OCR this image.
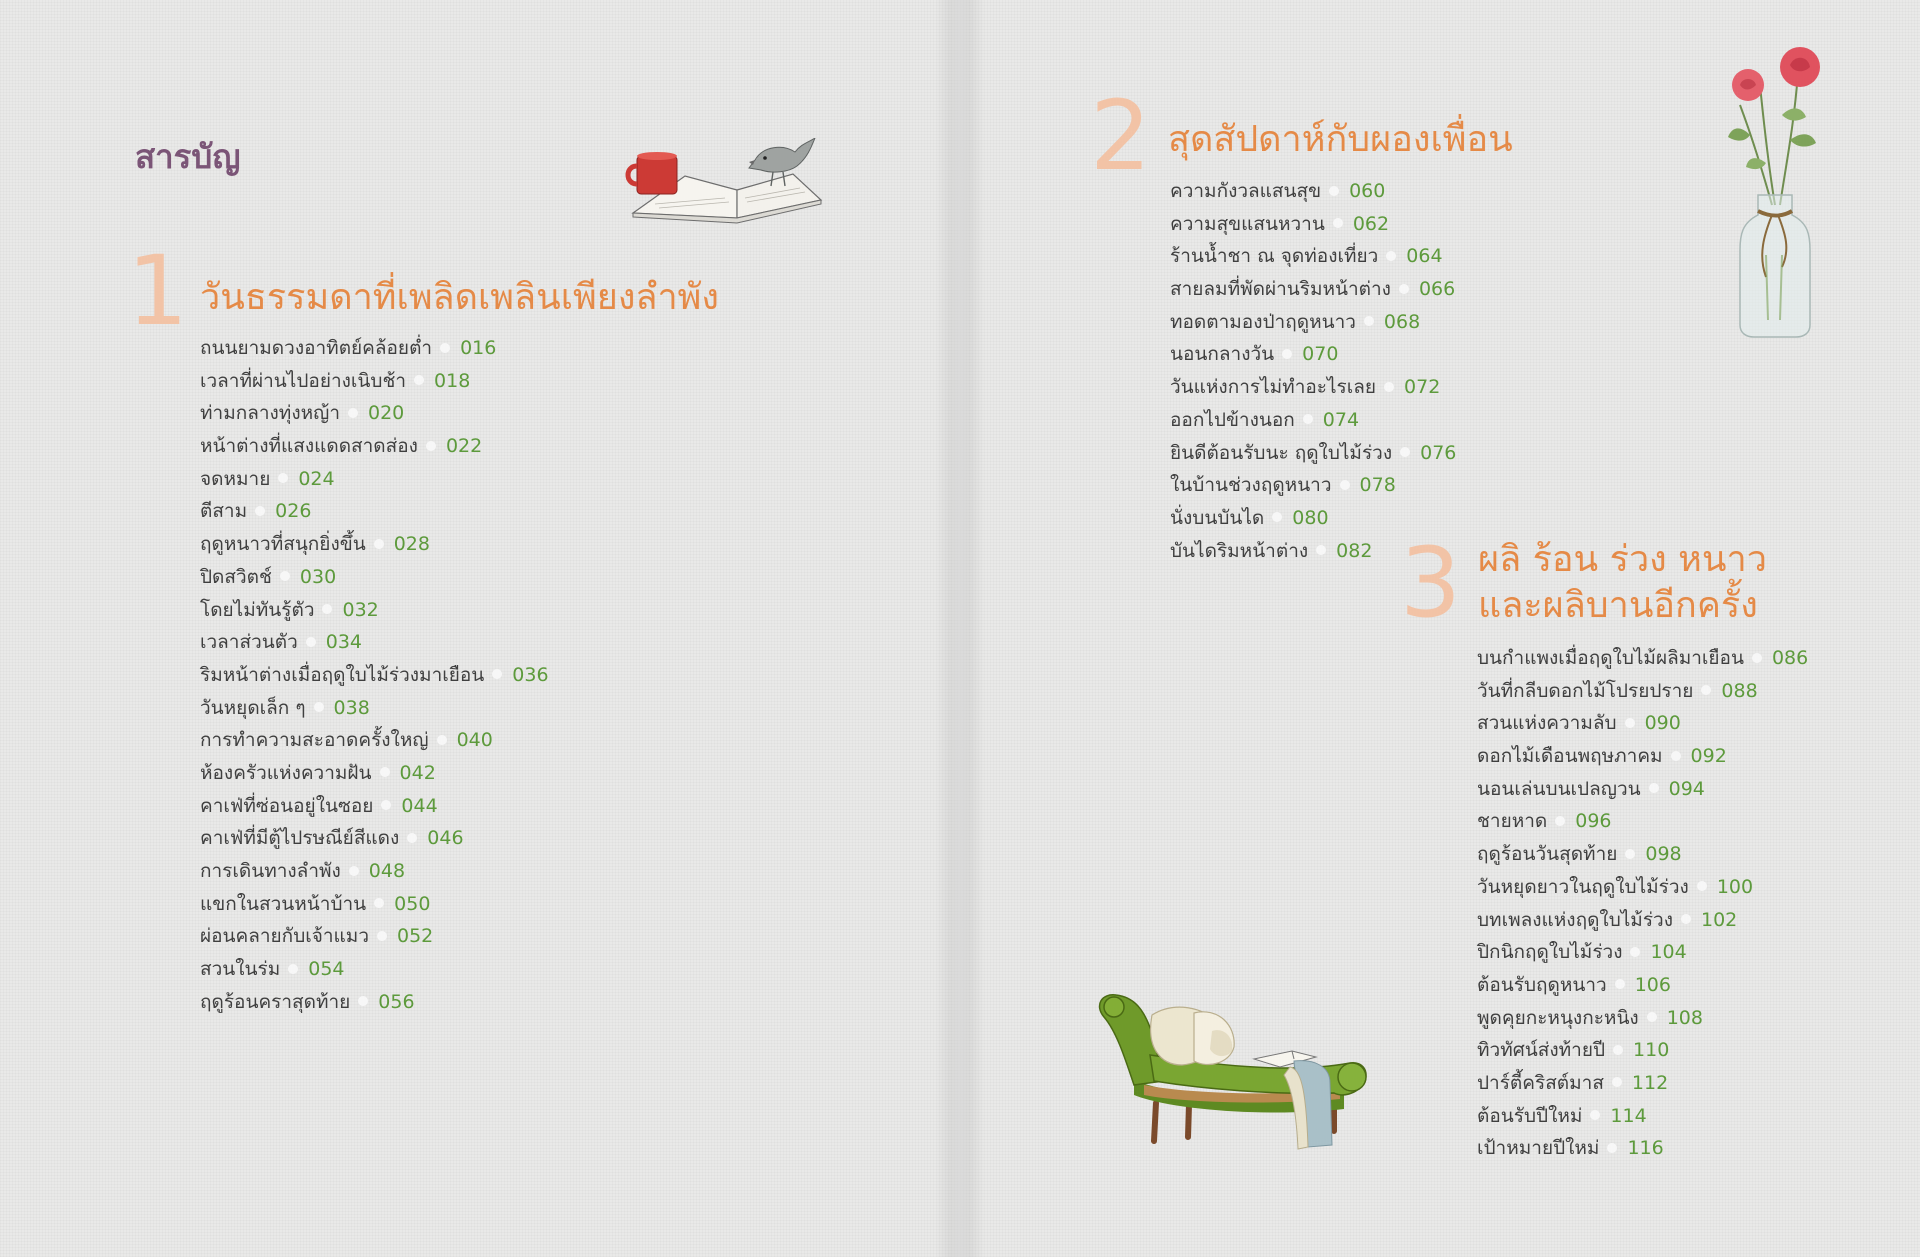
สารบัญ
1 วันธรรมดาที่เพลิดเพลินเพียงลำพัง
ถนนยามดวงอาทิตย์คล้อยต่ำ 016
เวลาที่ผ่านไปอย่างเนิบช้า 018
ท่ามกลางทุ่งหญ้า 020
หน้าต่างที่แสงแดดสาดส่อง 022
จดหมาย 024
ตีสาม 026
ฤดูหนาวที่สนุกยิ่งขึ้น 028
ปิดสวิตช์ 030
โดยไม่ทันรู้ตัว 032
เวลาส่วนตัว 034
ริมหน้าต่างเมื่อฤดูใบไม้ร่วงมาเยือน 036
วันหยุดเล็ก ๆ 038
การทำความสะอาดครั้งใหญ่ 040
ห้องครัวแห่งความฝัน 042
คาเฟ่ที่ซ่อนอยู่ในซอย 044
คาเฟ่ที่มีตู้ไปรษณีย์สีแดง 046
การเดินทางลำพัง 048
แขกในสวนหน้าบ้าน 050
ผ่อนคลายกับเจ้าแมว 052
สวนในร่ม 054
ฤดูร้อนคราสุดท้าย 056
2 สุดสัปดาห์กับผองเพื่อน
ความกังวลแสนสุข 060
ความสุขแสนหวาน 062
ร้านน้ำชา ณ จุดท่องเที่ยว 064
สายลมที่พัดผ่านริมหน้าต่าง 066
ทอดตามองป่าฤดูหนาว 068
นอนกลางวัน 070
วันแห่งการไม่ทำอะไรเลย 072
ออกไปข้างนอก 074
ยินดีต้อนรับนะ ฤดูใบไม้ร่วง 076
ในบ้านช่วงฤดูหนาว 078
นั่งบนบันได 080
บันไดริมหน้าต่าง 082 3 ผลิ ร้อน ร่วง หนาว
และผลิบานอีกครั้ง
บนกำแพงเมื่อฤดูใบไม้ผลิมาเยือน 086
วันที่กลีบดอกไม้โปรยปราย 088
สวนแห่งความลับ 090
ดอกไม้เดือนพฤษภาคม 092
นอนเล่นบนเปลญวน 094
ชายหาด 096
ฤดูร้อนวันสุดท้าย 098
วันหยุดยาวในฤดูใบไม้ร่วง 100
บทเพลงแห่งฤดูใบไม้ร่วง 102
ปิกนิกฤดูใบไม้ร่วง 104
ต้อนรับฤดูหนาว 106
พูดคุยกะหนุงกะหนิง 108
ทิวทัศน์ส่งท้ายปี 110
ปาร์ตี้คริสต์มาส 112
ต้อนรับปีใหม่ 114
เป้าหมายปีใหม่ 116
